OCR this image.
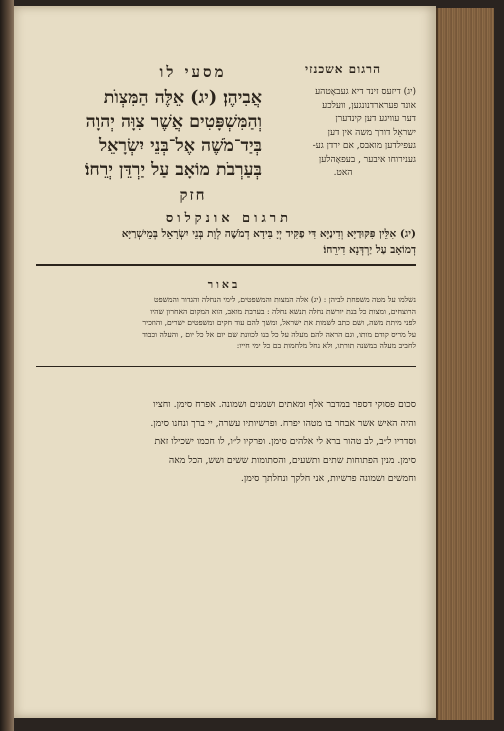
הרגום אשכנזי
מסעי לו
(יג) דיזעס זינד דיא געבאָטהע
אונד פערארדנונגען, וועלכע
דער עוויגע דען קינדערן
ישראֵל דורך משה אין דען
געפילדען מואבס, אם ירדן גע-
גענירוחו איבער , בעפאָהלען
האט.
אֲבִיהֶן׃ (יג) אֵלֶּה הַמִּצְוֺת
וְהַמִּשְׁפָּטִים אֲשֶׁר צִוָּה יְהוָה
בְּיַד־מֹשֶׁה אֶל־בְּנֵי יִשְׂרָאֵל
בְּעַרְבֹת מוֹאָב עַל יַרְדֵּן יְרֵחוֹ׃
חזק
תרגום אונקלוס
(יג) אִלֵּין פִּקּוּדַיָּא וְדִינַיָּא דִּי פַקִּיד יְיָ בִּידָא דְמֹשֶׁה לְוָת בְּנֵי יִשְׂרָאֵל בְּמֵישְׁרַיָּא
דְמוֹאָב עַל יַרְדְּנָא דִירֵחוֹ׃
באור
נשלמו על מטה משפחת לביהן : (יג) אלה המצות והמשפטים, לימי הנחלה והגדור והמשפט
הרוצחים, ומצות כל בנת יורשת נחלה תנשא נחלה : בערבת מואב, הוא המקום האחרון שהיו
לפני מיתת משה, ושם כתב לשמות את ישראל, ומשך להם עוד חקים ומשפטים ישרים, והוזכיר
על מריס קודם מותו, וגם הראה להם מעלה על כל בנו לכוונת שם יום אל כל יום , והעלה וכבוד
לחביב מעלה במשנה תורתו, ולא נחל מלחמות בם כל ימי חייו:
סכום פסוקי דספר במדבר אלף ומאתים ושמנים ושמונה. אפרח סימן. וחציו
והיה האיש אשר אבחר בו מטהו יפרח. ופרשיותיו עשרה, יי ברך ונחנו סימן.
וסדריו ל״ב, לב טהור ברא לי אלהים סימן. ופרקיו ל״ו, לו חכמו ישכילו זאת
סימן. מנין הפתוחות שתים ותשעים, והסתומות ששים ושש, הכל מאה
וחמשים ושמונה פרשיות, אני חלקך ונחלתך סימן.
